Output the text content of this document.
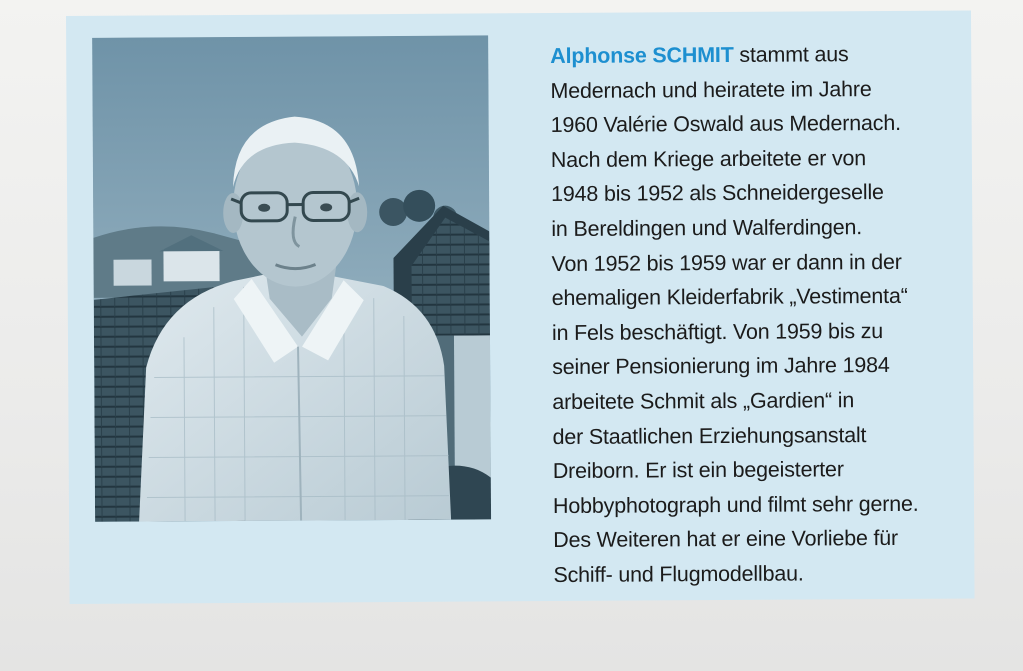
Alphonse SCHMIT stammt aus
Medernach und heiratete im Jahre
1960 Valérie Oswald aus Medernach.
Nach dem Kriege arbeitete er von
1948 bis 1952 als Schneidergeselle
in Bereldingen und Walferdingen.
Von 1952 bis 1959 war er dann in der
ehemaligen Kleiderfabrik „Vestimenta“
in Fels beschäftigt. Von 1959 bis zu
seiner Pensionierung im Jahre 1984
arbeitete Schmit als „Gardien“ in
der Staatlichen Erziehungsanstalt
Dreiborn. Er ist ein begeisterter
Hobbyphotograph und filmt sehr gerne.
Des Weiteren hat er eine Vorliebe für
Schiff- und Flugmodellbau.
